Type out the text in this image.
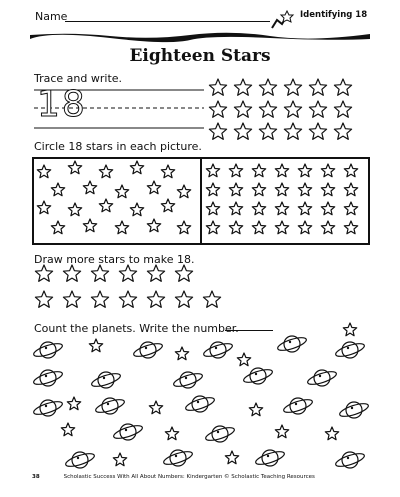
Name	Identifying 18
Eighteen Stars
Trace and write.
18
Circle 18 stars in each picture.
Draw more stars to make 18.
Count the planets. Write the number.
38	Scholastic Success With All About Numbers: Kindergarten © Scholastic Teaching Resources
